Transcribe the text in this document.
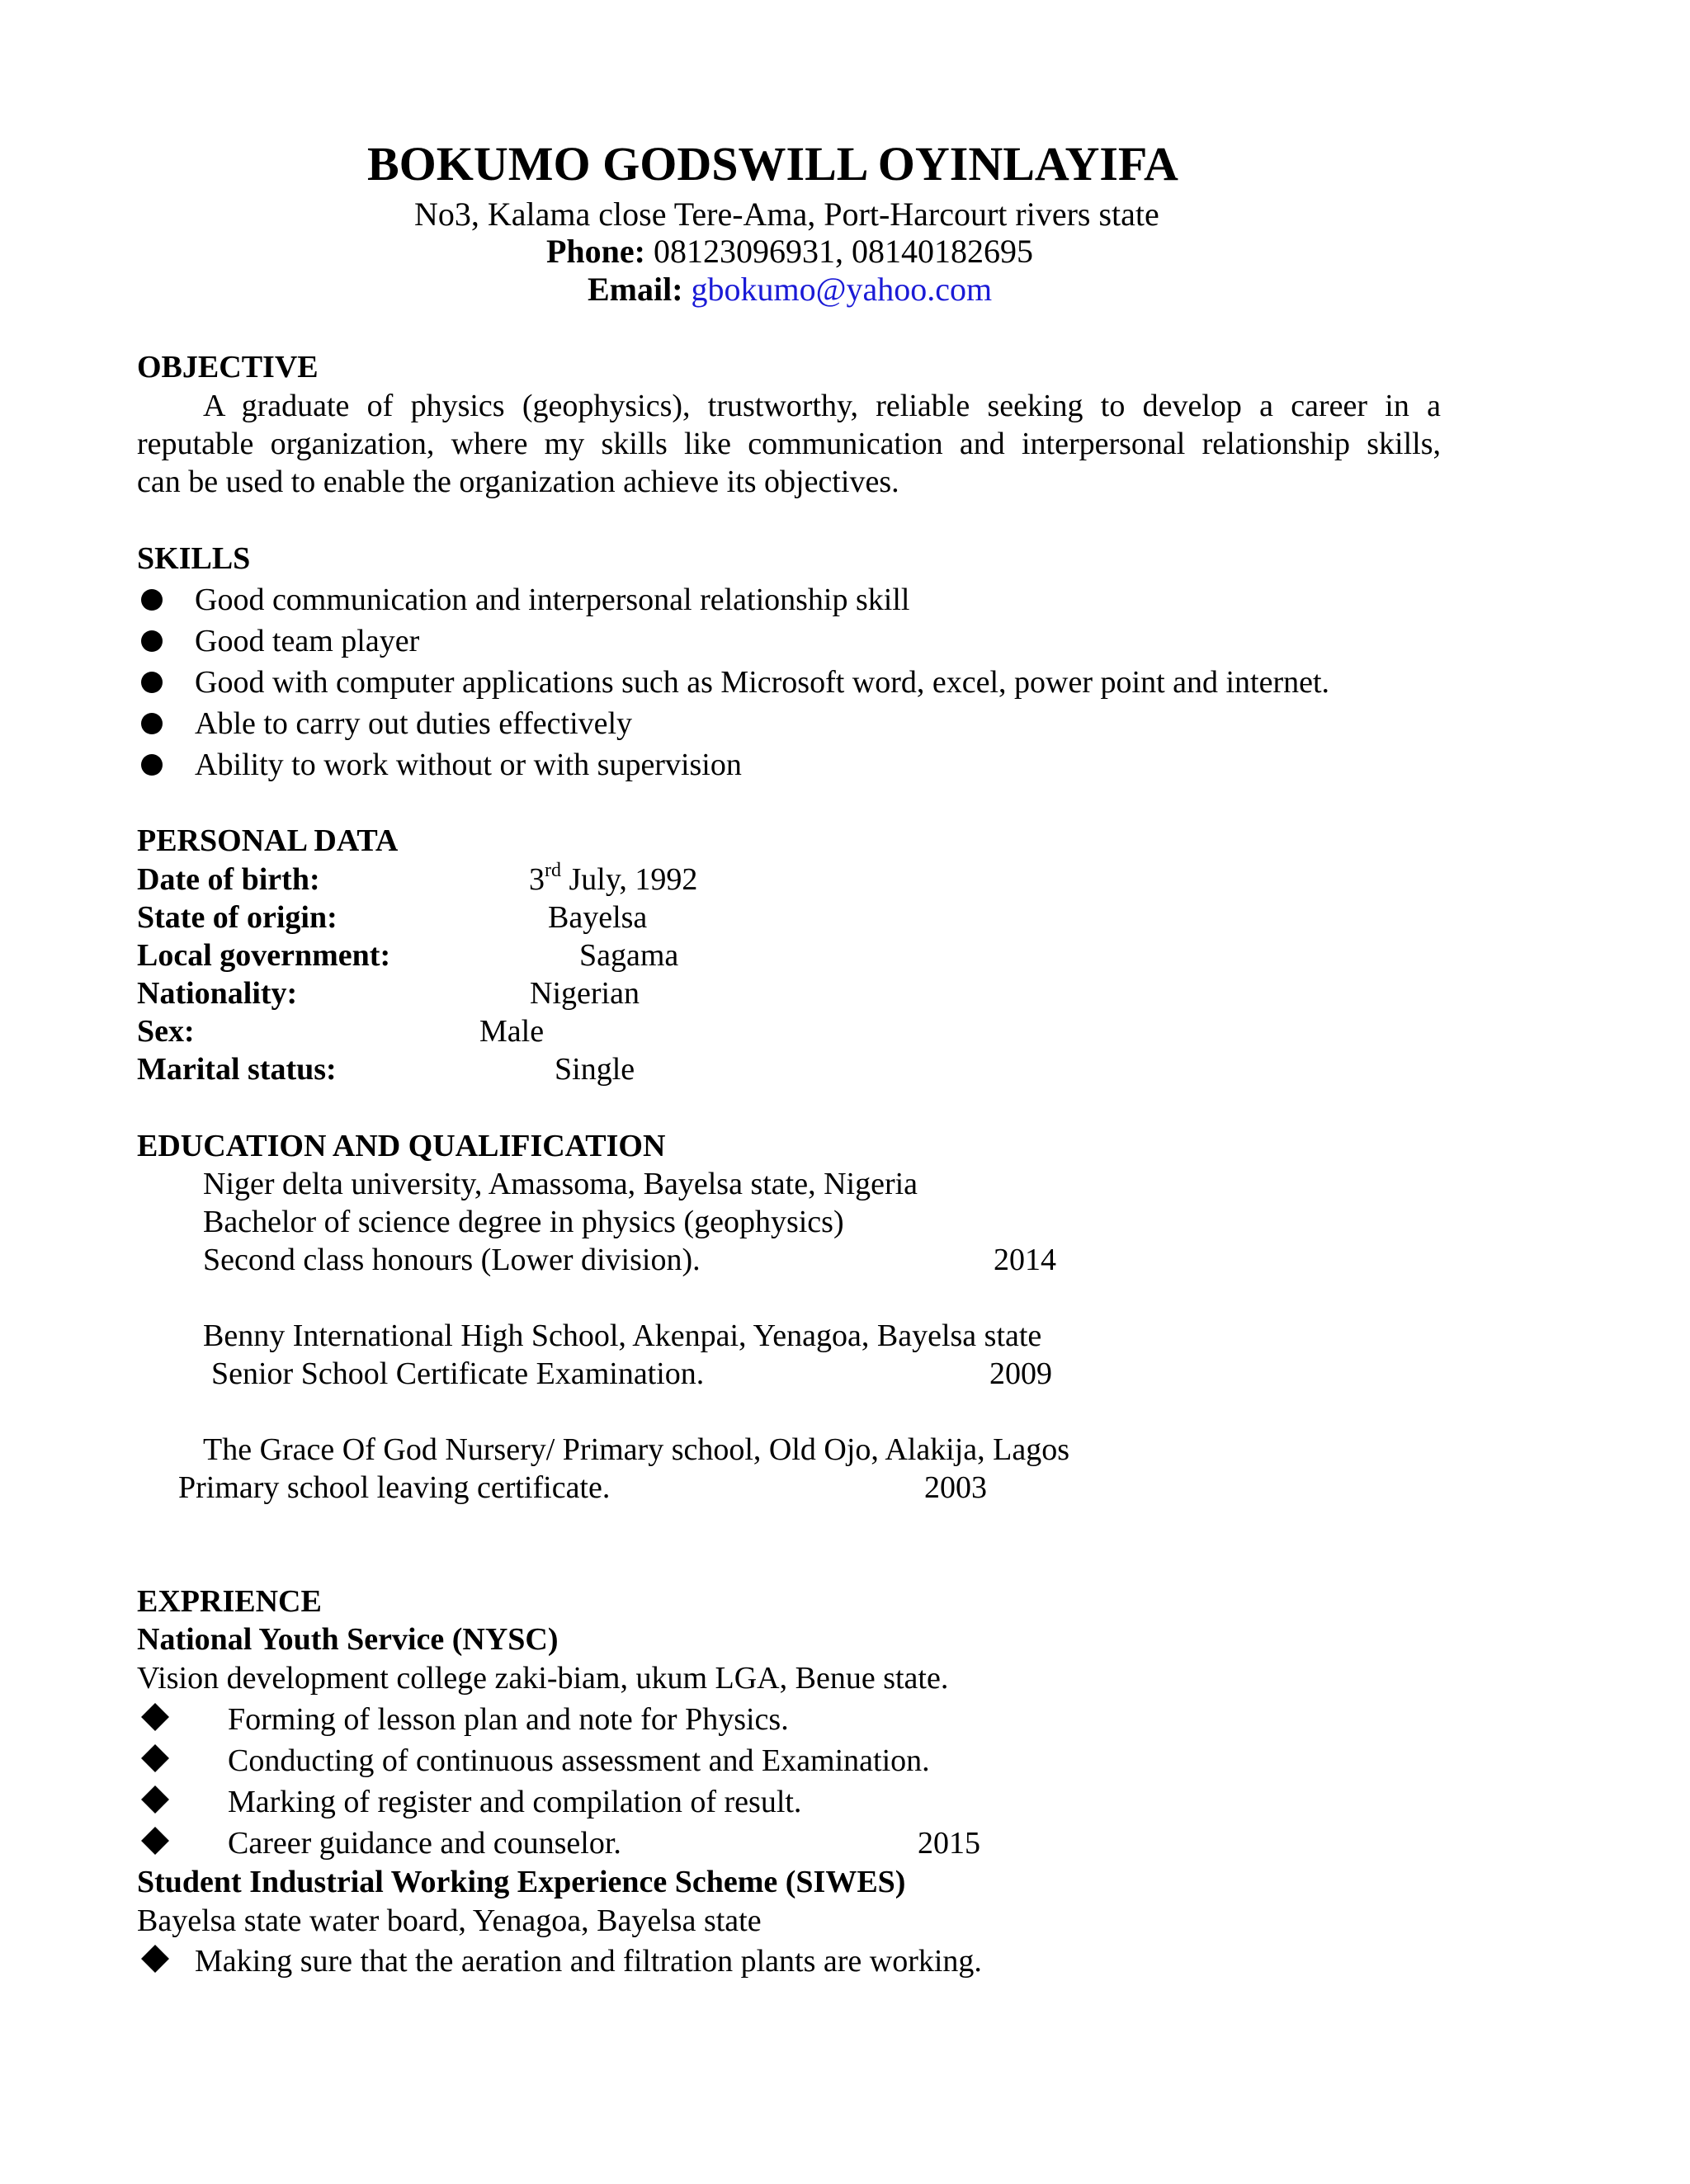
BOKUMO GODSWILL OYINLAYIFA
No3, Kalama close Tere-Ama, Port-Harcourt rivers state
Phone: 08123096931, 08140182695
Email: gbokumo@yahoo.com
OBJECTIVE
A graduate of physics (geophysics), trustworthy, reliable seeking to develop a career in a
reputable organization, where my skills like communication and interpersonal relationship skills,
can be used to enable the organization achieve its objectives.
SKILLS
Good communication and interpersonal relationship skill
Good team player
Good with computer applications such as Microsoft word, excel, power point and internet.
Able to carry out duties effectively
Ability to work without or with supervision
PERSONAL DATA
Date of birth:	3rd July, 1992
State of origin:	Bayelsa
Local government:	Sagama
Nationality:	Nigerian
Sex:	Male
Marital status:	Single
EDUCATION AND QUALIFICATION
Niger delta university, Amassoma, Bayelsa state, Nigeria
Bachelor of science degree in physics (geophysics)
Second class honours (Lower division).	2014
Benny International High School, Akenpai, Yenagoa, Bayelsa state
Senior School Certificate Examination.	2009
The Grace Of God Nursery/ Primary school, Old Ojo, Alakija, Lagos
Primary school leaving certificate.	2003
EXPRIENCE
National Youth Service (NYSC)
Vision development college zaki-biam, ukum LGA, Benue state.
Forming of lesson plan and note for Physics.
Conducting of continuous assessment and Examination.
Marking of register and compilation of result.
Career guidance and counselor.	2015
Student Industrial Working Experience Scheme (SIWES)
Bayelsa state water board, Yenagoa, Bayelsa state
Making sure that the aeration and filtration plants are working.
